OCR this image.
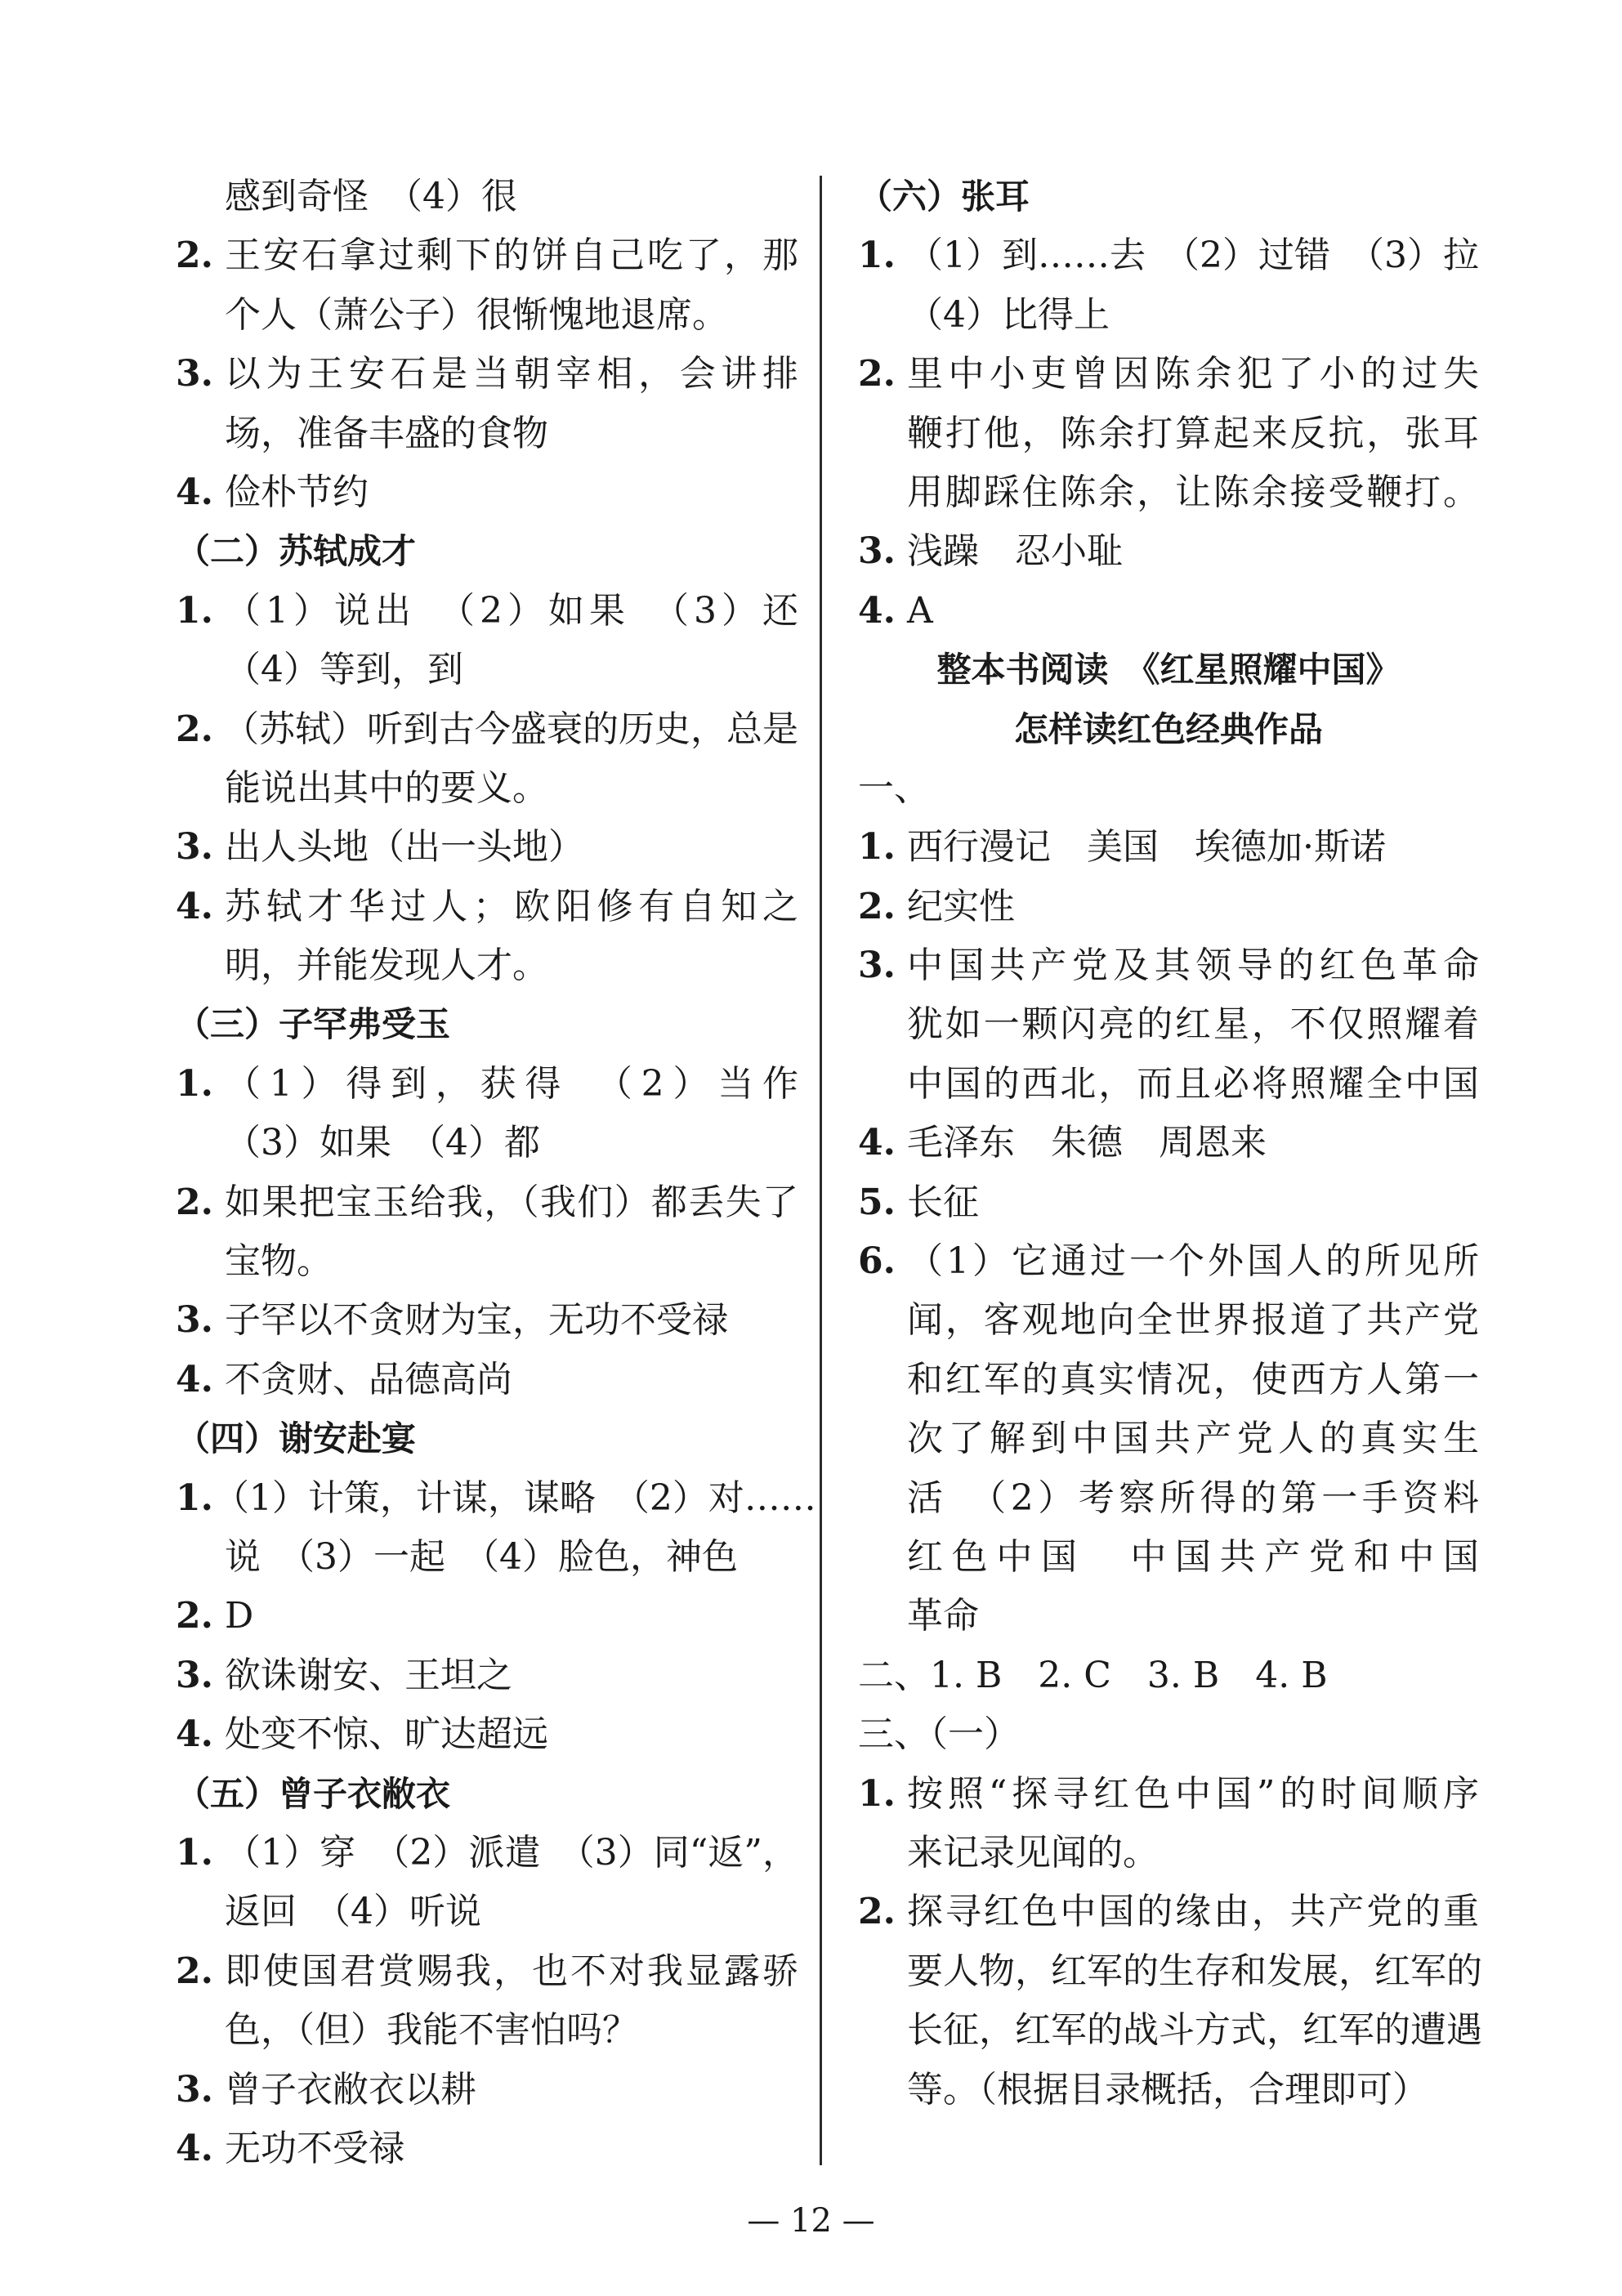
感到奇怪　（4）很
2. 王安石拿过剩下的饼自己吃了，那
个人（萧公子）很惭愧地退席。
3. 以为王安石是当朝宰相，会讲排
场，准备丰盛的食物
4. 俭朴节约
（二）苏轼成才
1. （1）说出　（2）如果　（3）还
（4）等到，到
2. （苏轼）听到古今盛衰的历史，总是
能说出其中的要义。
3. 出人头地（出一头地）
4. 苏轼才华过人；欧阳修有自知之
明，并能发现人才。
（三）子罕弗受玉
1. （1）得到，获得　（2）当作
（3）如果　（4）都
2. 如果把宝玉给我，（我们）都丢失了
宝物。
3. 子罕以不贪财为宝，无功不受禄
4. 不贪财、品德高尚
（四）谢安赴宴
1. （1）计策，计谋，谋略　（2）对……
说　（3）一起　（4）脸色，神色
2. D
3. 欲诛谢安、王坦之
4. 处变不惊、旷达超远
（五）曾子衣敝衣
1. （1）穿　（2）派遣　（3）同“返”，
返回　（4）听说
2. 即使国君赏赐我，也不对我显露骄
色，（但）我能不害怕吗？
3. 曾子衣敝衣以耕
4. 无功不受禄
（六）张耳
1. （1）到……去　（2）过错　（3）拉
（4）比得上
2. 里中小吏曾因陈余犯了小的过失
鞭打他，陈余打算起来反抗，张耳
用脚踩住陈余，让陈余接受鞭打。
3. 浅躁　忍小耻
4. A
整本书阅读　《红星照耀中国》
怎样读红色经典作品
一、
1. 西行漫记　美国　埃德加·斯诺
2. 纪实性
3. 中国共产党及其领导的红色革命
犹如一颗闪亮的红星，不仅照耀着
中国的西北，而且必将照耀全中国
4. 毛泽东　朱德　周恩来
5. 长征
6. （1）它通过一个外国人的所见所
闻，客观地向全世界报道了共产党
和红军的真实情况，使西方人第一
次了解到中国共产党人的真实生
活　（2）考察所得的第一手资料
红色中国　中国共产党和中国
革命
二、1. B　2. C　3. B　4. B
三、（一）
1. 按照“探寻红色中国”的时间顺序
来记录见闻的。
2. 探寻红色中国的缘由，共产党的重
要人物，红军的生存和发展，红军的
长征，红军的战斗方式，红军的遭遇
等。（根据目录概括，合理即可）
— 12 —
